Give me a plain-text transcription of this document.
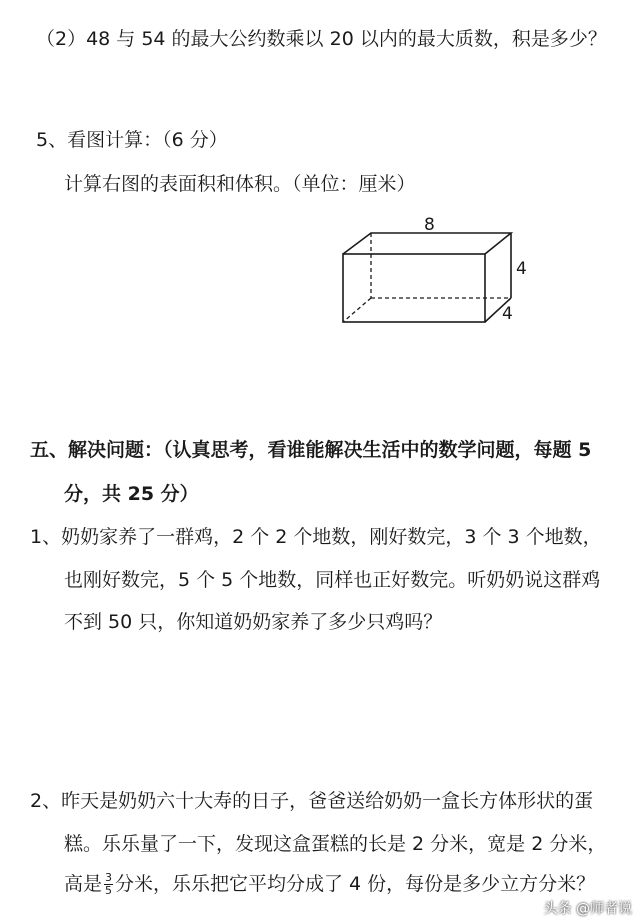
（2）48 与 54 的最大公约数乘以 20 以内的最大质数，积是多少？
5、看图计算：（6 分）
计算右图的表面积和体积。（单位：厘米）
8
4
4
五、解决问题：（认真思考，看谁能解决生活中的数学问题，每题 5
分，共 25 分）
1、奶奶家养了一群鸡，2 个 2 个地数，刚好数完，3 个 3 个地数，
也刚好数完，5 个 5 个地数，同样也正好数完。听奶奶说这群鸡
不到 50 只，你知道奶奶家养了多少只鸡吗？
2、昨天是奶奶六十大寿的日子，爸爸送给奶奶一盒长方体形状的蛋
糕。乐乐量了一下，发现这盒蛋糕的长是 2 分米，宽是 2 分米，
高是 $\frac{3}{5}$ 分米，乐乐把它平均分成了 4 份，每份是多少立方分米？
头条 @师者说
